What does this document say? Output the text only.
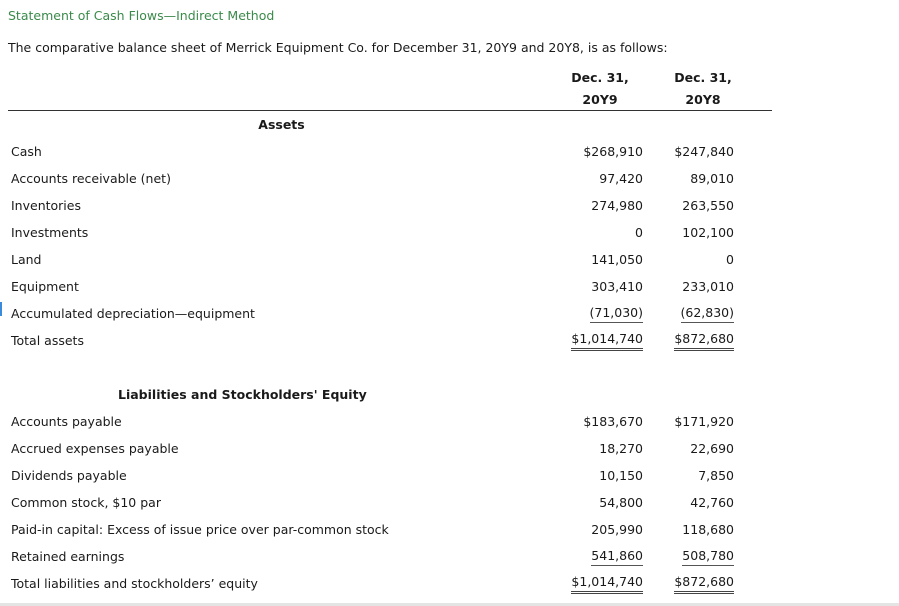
Statement of Cash Flows—Indirect Method
The comparative balance sheet of Merrick Equipment Co. for December 31, 20Y9 and 20Y8, is as follows:
	Dec. 31,		Dec. 31,	
	20Y9		20Y8	

Assets				
Cash	$268,910		$247,840	
Accounts receivable (net)	97,420		89,010	
Inventories	274,980		263,550	
Investments	0		102,100	
Land	141,050		0	
Equipment	303,410		233,010	
Accumulated depreciation—equipment	(71,030)		(62,830)	
Total assets	$1,014,740		$872,680	

Liabilities and Stockholders' Equity				
Accounts payable	$183,670		$171,920	
Accrued expenses payable	18,270		22,690	
Dividends payable	10,150		7,850	
Common stock, $10 par	54,800		42,760	
Paid-in capital: Excess of issue price over par-common stock	205,990		118,680	
Retained earnings	541,860		508,780	
Total liabilities and stockholders’ equity	$1,014,740		$872,680	
